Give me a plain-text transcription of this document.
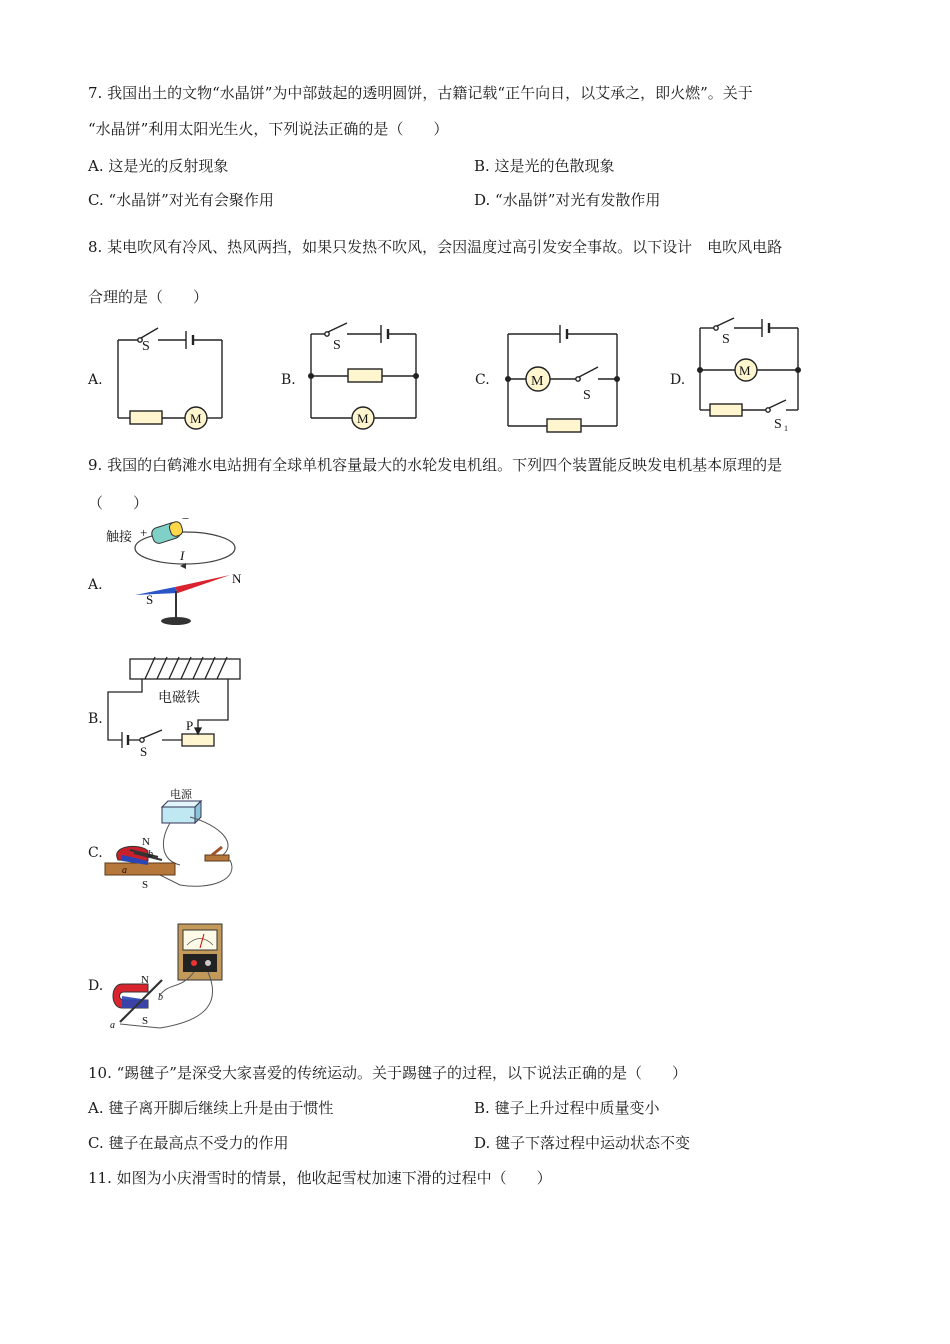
7. 我国出土的文物“水晶饼”为中部鼓起的透明圆饼，古籍记载“正午向日，以艾承之，即火燃”。关于
“水晶饼”利用太阳光生火，下列说法正确的是（　　）
A. 这是光的反射现象	B. 这是光的色散现象
C. “水晶饼”对光有会聚作用	D. “水晶饼”对光有发散作用
8. 某电吹风有冷风、热风两挡，如果只发热不吹风，会因温度过高引发安全事故。以下设计　电吹风电路
合理的是（　　）
A.
S
M
B.
S
M
C.	M
S
D.
S
M
S 1
9. 我国的白鹤滩水电站拥有全球单机容量最大的水轮发电机组。下列四个装置能反映发电机基本原理的是
（　　）
A.
触接 +
−
I
S
N
B.
电磁铁
P
S
C.
电源
N
b
a
S
D.	N
b
S
a
10. “踢毽子”是深受大家喜爱的传统运动。关于踢毽子的过程，以下说法正确的是（　　）
A. 毽子离开脚后继续上升是由于惯性	B. 毽子上升过程中质量变小
C. 毽子在最高点不受力的作用	D. 毽子下落过程中运动状态不变
11. 如图为小庆滑雪时的情景，他收起雪杖加速下滑的过程中（　　）
